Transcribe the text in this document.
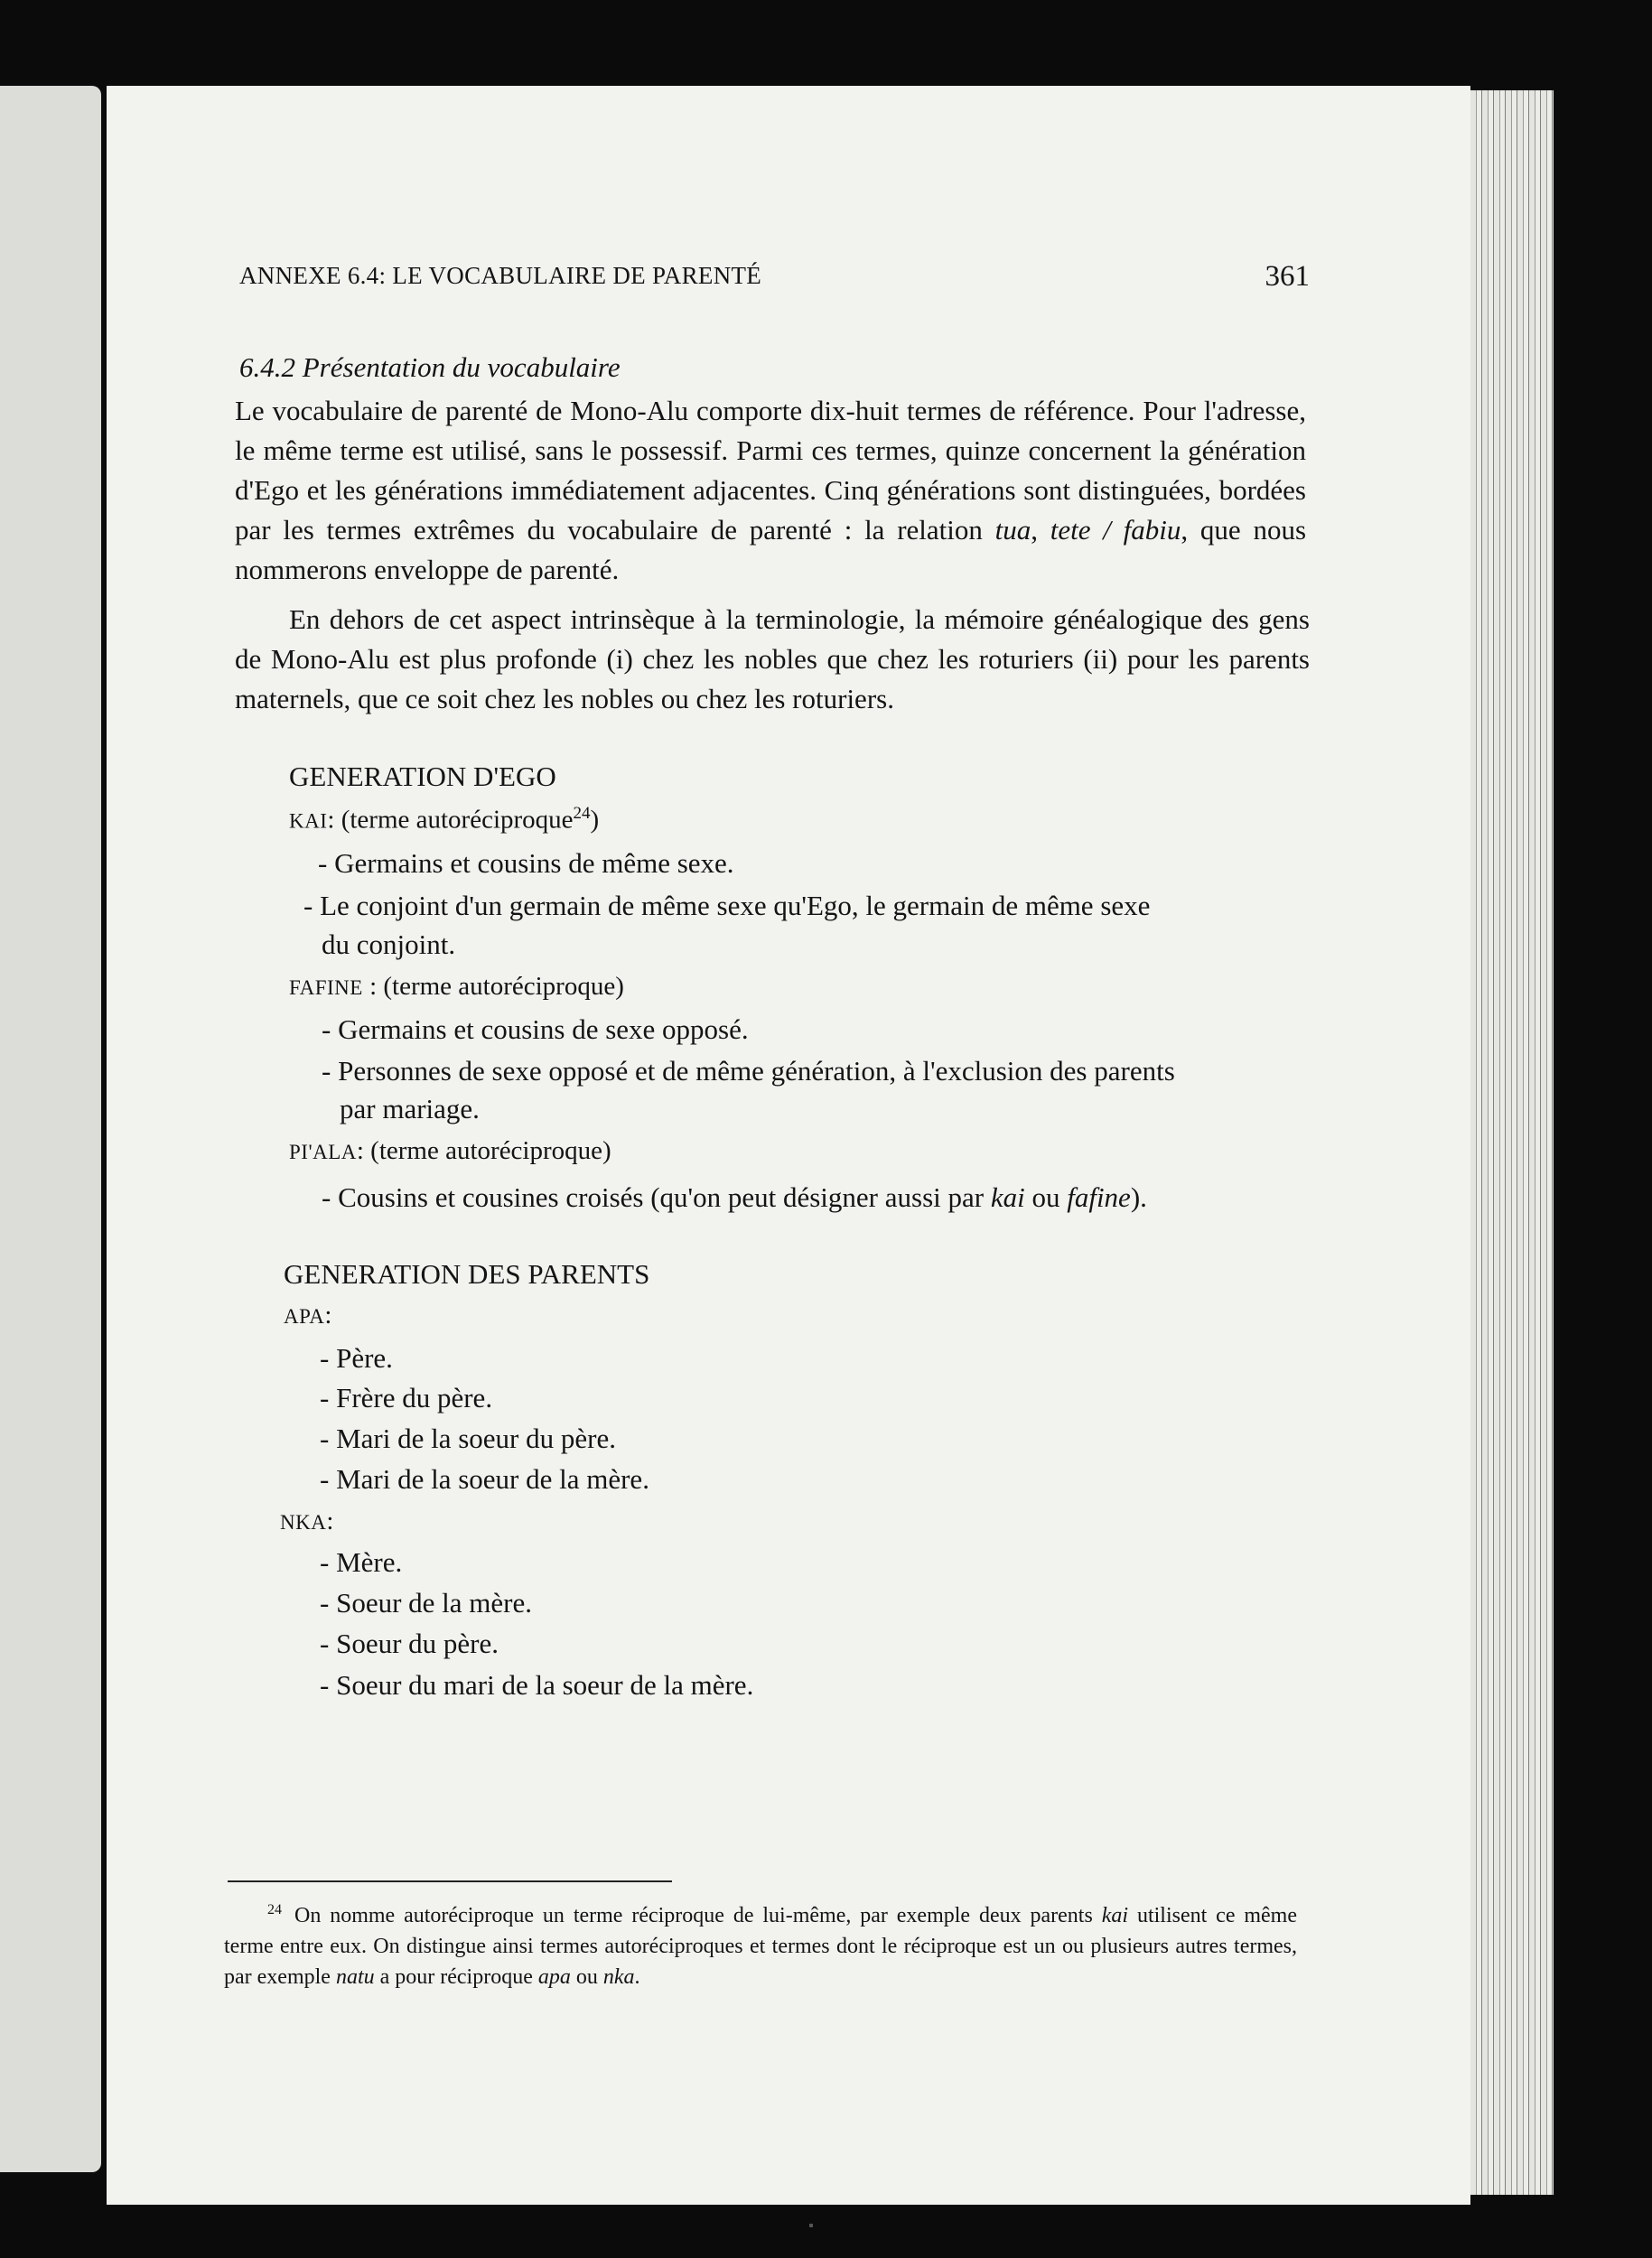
ANNEXE 6.4: LE VOCABULAIRE DE PARENTÉ	361

6.4.2 Présentation du vocabulaire

Le vocabulaire de parenté de Mono-Alu comporte dix-huit termes de référence. Pour l'adresse, le même terme est utilisé, sans le possessif. Parmi ces termes, quinze concernent la génération d'Ego et les générations immédiatement adjacentes. Cinq générations sont distinguées, bordées par les termes extrêmes du vocabulaire de parenté : la relation tua, tete / fabiu, que nous nommerons enveloppe de parenté.

En dehors de cet aspect intrinsèque à la terminologie, la mémoire généalogique des gens de Mono-Alu est plus profonde (i) chez les nobles que chez les roturiers (ii) pour les parents maternels, que ce soit chez les nobles ou chez les roturiers.

GENERATION D'EGO
KAI: (terme autoréciproque$^{24}$)
- Germains et cousins de même sexe.
- Le conjoint d'un germain de même sexe qu'Ego, le germain de même sexe
du conjoint.
FAFINE : (terme autoréciproque)
- Germains et cousins de sexe opposé.
- Personnes de sexe opposé et de même génération, à l'exclusion des parents
par mariage.
PI'ALA: (terme autoréciproque)
- Cousins et cousines croisés (qu'on peut désigner aussi par kai ou fafine).
GENERATION DES PARENTS
APA:
- Père.
- Frère du père.
- Mari de la soeur du père.
- Mari de la soeur de la mère.
NKA:
- Mère.
- Soeur de la mère.
- Soeur du père.
- Soeur du mari de la soeur de la mère.

$^{24}$ On nomme autoréciproque un terme réciproque de lui-même, par exemple deux parents kai utilisent ce même terme entre eux. On distingue ainsi termes autoréciproques et termes dont le réciproque est un ou plusieurs autres termes, par exemple natu a pour réciproque apa ou nka.
